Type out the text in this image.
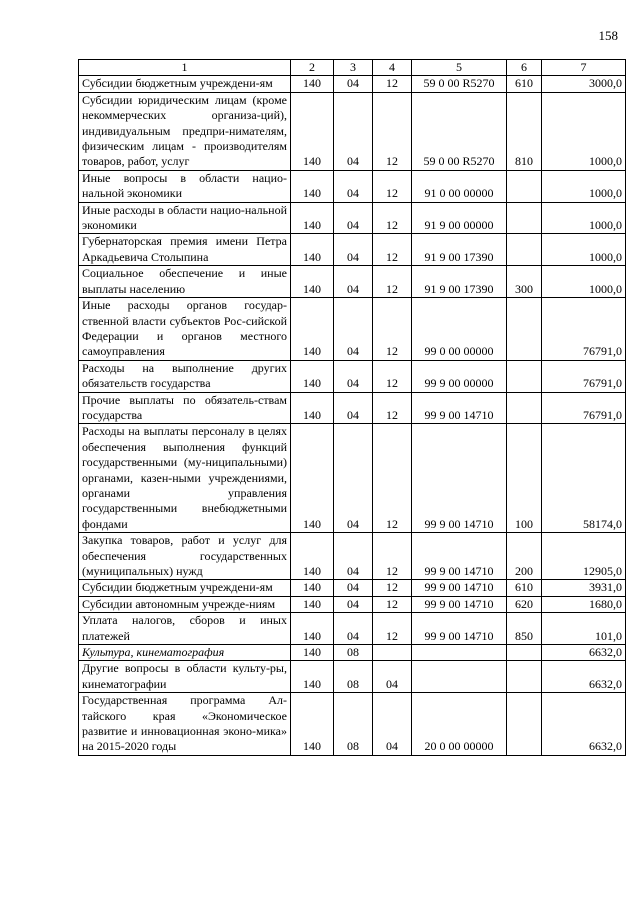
158
1	2	3	4	5	6	7
Субсидии бюджетным учреждени-ям	140	04	12	59 0 00 R5270	610	3000,0
Субсидии юридическим лицам (кроме некоммерческих организа-ций), индивидуальным предпри-нимателям, физическим лицам - производителям товаров, работ, услуг	140	04	12	59 0 00 R5270	810	1000,0
Иные вопросы в области нацио-нальной экономики	140	04	12	91 0 00 00000		1000,0
Иные расходы в области нацио-нальной экономики	140	04	12	91 9 00 00000		1000,0
Губернаторская премия имени Петра Аркадьевича Столыпина	140	04	12	91 9 00 17390		1000,0
Социальное обеспечение и иные выплаты населению	140	04	12	91 9 00 17390	300	1000,0
Иные расходы органов государ-ственной власти субъектов Рос-сийской Федерации и органов местного самоуправления	140	04	12	99 0 00 00000		76791,0
Расходы на выполнение других обязательств государства	140	04	12	99 9 00 00000		76791,0
Прочие выплаты по обязатель-ствам государства	140	04	12	99 9 00 14710		76791,0
Расходы на выплаты персоналу в целях обеспечения выполнения функций государственными (му-ниципальными) органами, казен-ными учреждениями, органами управления государственными внебюджетными фондами	140	04	12	99 9 00 14710	100	58174,0
Закупка товаров, работ и услуг для обеспечения государственных (муниципальных) нужд	140	04	12	99 9 00 14710	200	12905,0
Субсидии бюджетным учреждени-ям	140	04	12	99 9 00 14710	610	3931,0
Субсидии автономным учрежде-ниям	140	04	12	99 9 00 14710	620	1680,0
Уплата налогов, сборов и иных платежей	140	04	12	99 9 00 14710	850	101,0
Культура, кинематография	140	08				6632,0
Другие вопросы в области культу-ры, кинематографии	140	08	04			6632,0
Государственная программа Ал-тайского края «Экономическое развитие и инновационная эконо-мика» на 2015-2020 годы	140	08	04	20 0 00 00000		6632,0
